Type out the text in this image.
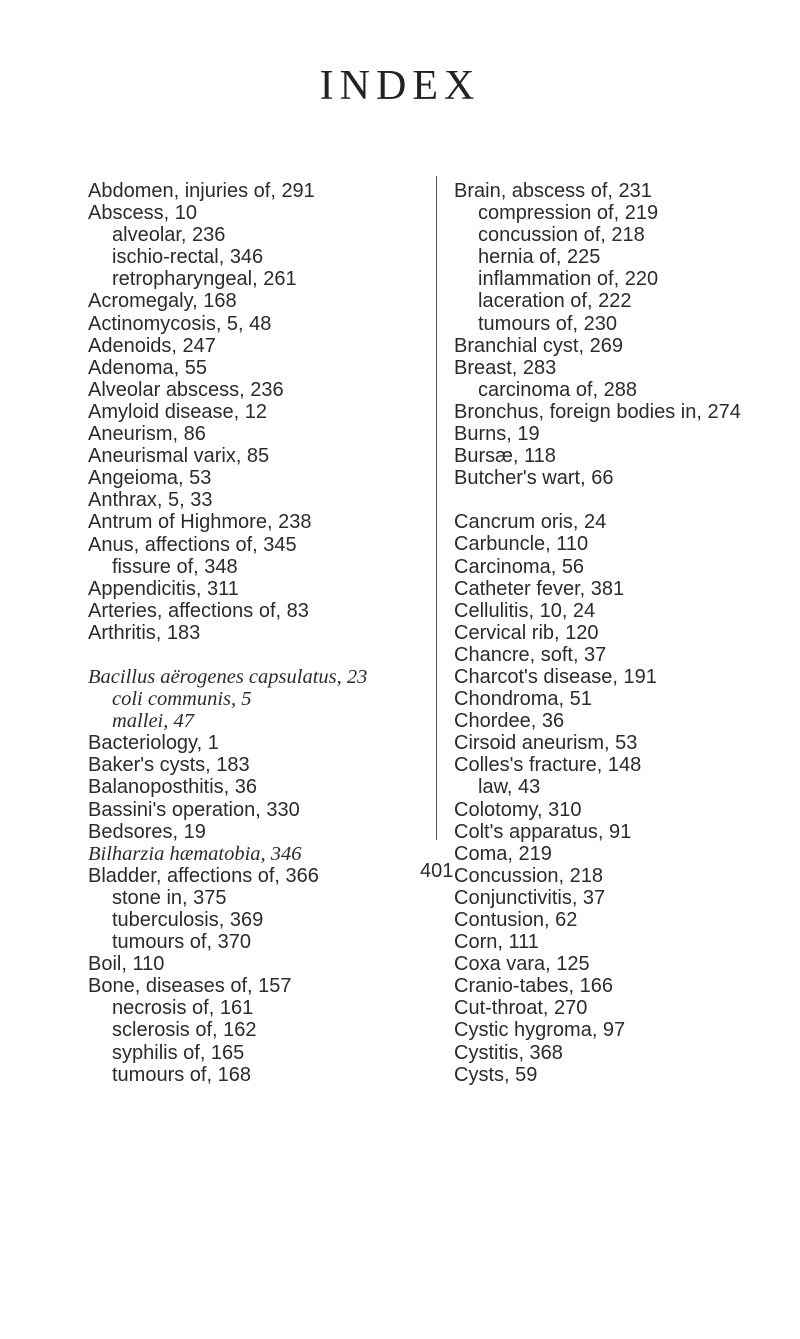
INDEX
Abdomen, injuries of, 291
Abscess, 10
alveolar, 236
ischio-rectal, 346
retropharyngeal, 261
Acromegaly, 168
Actinomycosis, 5, 48
Adenoids, 247
Adenoma, 55
Alveolar abscess, 236
Amyloid disease, 12
Aneurism, 86
Aneurismal varix, 85
Angeioma, 53
Anthrax, 5, 33
Antrum of Highmore, 238
Anus, affections of, 345
fissure of, 348
Appendicitis, 311
Arteries, affections of, 83
Arthritis, 183
Bacillus aërogenes capsulatus, 23
coli communis, 5
mallei, 47
Bacteriology, 1
Baker's cysts, 183
Balanoposthitis, 36
Bassini's operation, 330
Bedsores, 19
Bilharzia hæmatobia, 346
Bladder, affections of, 366
stone in, 375
tuberculosis, 369
tumours of, 370
Boil, 110
Bone, diseases of, 157
necrosis of, 161
sclerosis of, 162
syphilis of, 165
tumours of, 168
Brain, abscess of, 231
compression of, 219
concussion of, 218
hernia of, 225
inflammation of, 220
laceration of, 222
tumours of, 230
Branchial cyst, 269
Breast, 283
carcinoma of, 288
Bronchus, foreign bodies in, 274
Burns, 19
Bursæ, 118
Butcher's wart, 66
Cancrum oris, 24
Carbuncle, 110
Carcinoma, 56
Catheter fever, 381
Cellulitis, 10, 24
Cervical rib, 120
Chancre, soft, 37
Charcot's disease, 191
Chondroma, 51
Chordee, 36
Cirsoid aneurism, 53
Colles's fracture, 148
law, 43
Colotomy, 310
Colt's apparatus, 91
Coma, 219
Concussion, 218
Conjunctivitis, 37
Contusion, 62
Corn, 111
Coxa vara, 125
Cranio-tabes, 166
Cut-throat, 270
Cystic hygroma, 97
Cystitis, 368
Cysts, 59
401
